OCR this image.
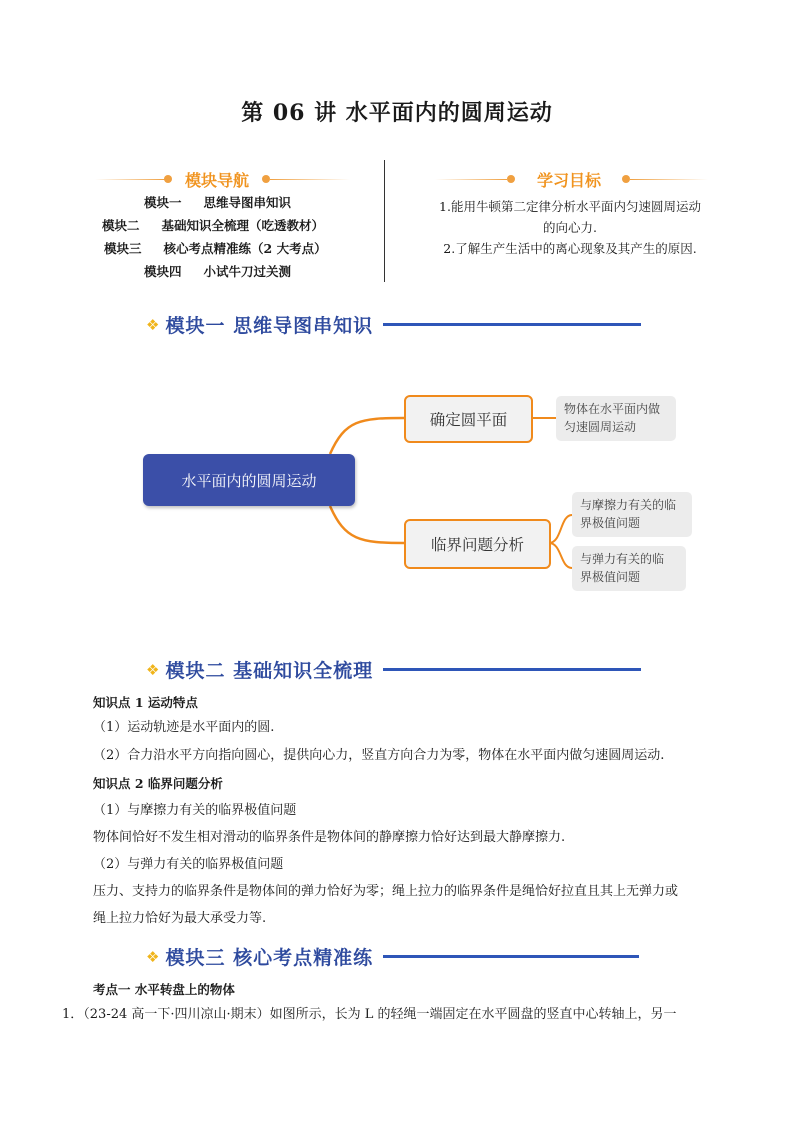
第 06 讲 水平面内的圆周运动
模块导航
模块一 思维导图串知识
模块二 基础知识全梳理（吃透教材）
模块三 核心考点精准练（2 大考点）
模块四 小试牛刀过关测
学习目标
1.能用牛顿第二定律分析水平面内匀速圆周运动
的向心力.
2.了解生产生活中的离心现象及其产生的原因.
❖ 模块一 思维导图串知识
水平面内的圆周运动
确定圆平面
临界问题分析
物体在水平面内做
匀速圆周运动
与摩擦力有关的临
界极值问题
与弹力有关的临
界极值问题
❖ 模块二 基础知识全梳理
知识点 1 运动特点
（1）运动轨迹是水平面内的圆.
（2）合力沿水平方向指向圆心，提供向心力，竖直方向合力为零，物体在水平面内做匀速圆周运动.
知识点 2 临界问题分析
（1）与摩擦力有关的临界极值问题
物体间恰好不发生相对滑动的临界条件是物体间的静摩擦力恰好达到最大静摩擦力.
（2）与弹力有关的临界极值问题
压力、支持力的临界条件是物体间的弹力恰好为零；绳上拉力的临界条件是绳恰好拉直且其上无弹力或
绳上拉力恰好为最大承受力等.
❖ 模块三 核心考点精准练
考点一 水平转盘上的物体
1．（23-24 高一下·四川凉山·期末）如图所示，长为 L 的轻绳一端固定在水平圆盘的竖直中心转轴上，另一
